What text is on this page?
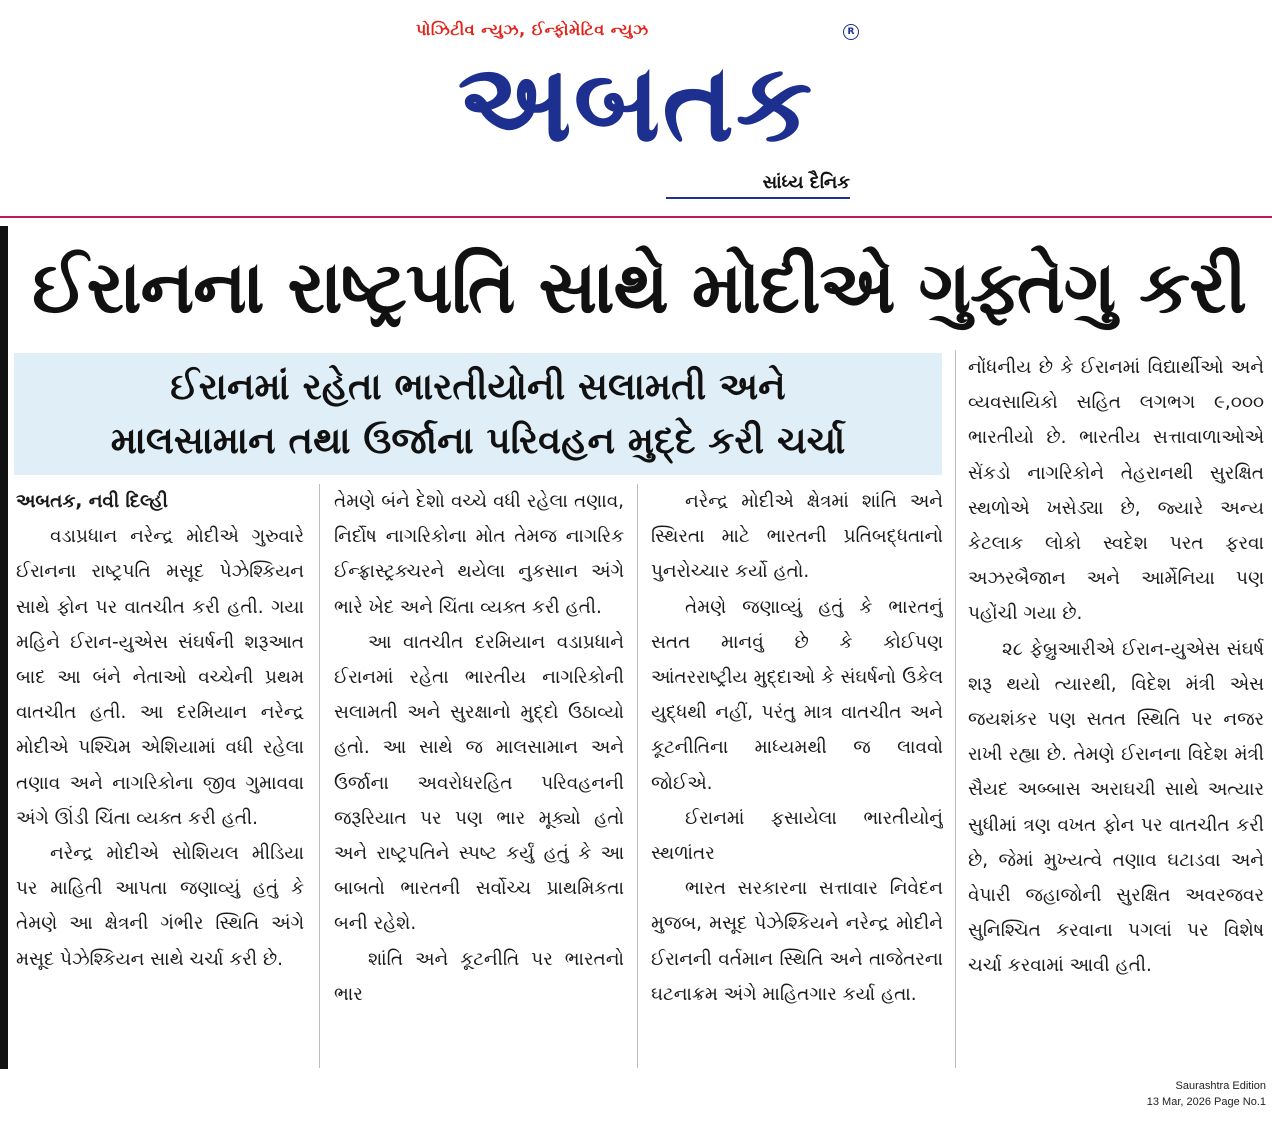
પોઝિટીવ ન્યુઝ, ઈન્ફોમેટિવ ન્યુઝ	R
અબતક
સાંધ્ય દૈનિક
ઈરાનના રાષ્ટ્રપતિ સાથે મોદીએ ગુફ્તેગુ કરી
ઈરાનમાં રહેતા ભારતીયોની સલામતી અને
માલસામાન તથા ઉર્જાના પરિવહન મુદ્દે કરી ચર્ચા

અબતક, નવી દિલ્હી

વડાપ્રધાન નરેન્દ્ર મોદીએ ગુરુવારે ઈરાનના રાષ્ટ્રપતિ મસૂદ પેઝેશ્કિયન સાથે ફોન પર વાતચીત કરી હતી. ગયા મહિને ઈરાન-યુએસ સંઘર્ષની શરૂઆત બાદ આ બંને નેતાઓ વચ્ચેની પ્રથમ વાતચીત હતી. આ દરમિયાન નરેન્દ્ર મોદીએ પશ્ચિમ એશિયામાં વધી રહેલા તણાવ અને નાગરિકોના જીવ ગુમાવવા અંગે ઊંડી ચિંતા વ્યક્ત કરી હતી.

નરેન્દ્ર મોદીએ સોશિયલ મીડિયા પર માહિતી આપતા જણાવ્યું હતું કે તેમણે આ ક્ષેત્રની ગંભીર સ્થિતિ અંગે મસૂદ પેઝેશ્કિયન સાથે ચર્ચા કરી છે.

તેમણે બંને દેશો વચ્ચે વધી રહેલા તણાવ, નિર્દોષ નાગરિકોના મોત તેમજ નાગરિક ઈન્ફ્રાસ્ટ્રક્ચરને થયેલા નુકસાન અંગે ભારે ખેદ અને ચિંતા વ્યક્ત કરી હતી.

આ વાતચીત દરમિયાન વડાપ્રધાને ઈરાનમાં રહેતા ભારતીય નાગરિકોની સલામતી અને સુરક્ષાનો મુદ્દો ઉઠાવ્યો હતો. આ સાથે જ માલસામાન અને ઉર્જાના અવરોધરહિત પરિવહનની જરૂરિયાત પર પણ ભાર મૂક્યો હતો અને રાષ્ટ્રપતિને સ્પષ્ટ કર્યું હતું કે આ બાબતો ભારતની સર્વોચ્ચ પ્રાથમિકતા બની રહેશે.

શાંતિ અને કૂટનીતિ પર ભારતનો ભાર

નરેન્દ્ર મોદીએ ક્ષેત્રમાં શાંતિ અને સ્થિરતા માટે ભારતની પ્રતિબદ્ધતાનો પુનરોચ્ચાર કર્યો હતો.

તેમણે જણાવ્યું હતું કે ભારતનું સતત માનવું છે કે કોઈપણ આંતરરાષ્ટ્રીય મુદ્દાઓ કે સંઘર્ષનો ઉકેલ યુદ્ધથી નહીં, પરંતુ માત્ર વાતચીત અને કૂટનીતિના માધ્યમથી જ લાવવો જોઈએ.

ઈરાનમાં ફસાયેલા ભારતીયોનું સ્થળાંતર

ભારત સરકારના સત્તાવાર નિવેદન મુજબ, મસૂદ પેઝેશ્કિયને નરેન્દ્ર મોદીને ઈરાનની વર્તમાન સ્થિતિ અને તાજેતરના ઘટનાક્રમ અંગે માહિતગાર કર્યા હતા.

નોંધનીય છે કે ઈરાનમાં વિદ્યાર્થીઓ અને વ્યવસાયિકો સહિત લગભગ ૯,૦૦૦ ભારતીયો છે. ભારતીય સત્તાવાળાઓએ સેંકડો નાગરિકોને તેહરાનથી સુરક્ષિત સ્થળોએ ખસેડ્યા છે, જ્યારે અન્ય કેટલાક લોકો સ્વદેશ પરત ફરવા અઝરબૈજાન અને આર્મેનિયા પણ પહોંચી ગયા છે.

૨૮ ફેબ્રુઆરીએ ઈરાન-યુએસ સંઘર્ષ શરૂ થયો ત્યારથી, વિદેશ મંત્રી એસ જયશંકર પણ સતત સ્થિતિ પર નજર રાખી રહ્યા છે. તેમણે ઈરાનના વિદેશ મંત્રી સૈયદ અબ્બાસ અરાઘચી સાથે અત્યાર સુધીમાં ત્રણ વખત ફોન પર વાતચીત કરી છે, જેમાં મુખ્યત્વે તણાવ ઘટાડવા અને વેપારી જહાજોની સુરક્ષિત અવરજવર સુનિશ્ચિત કરવાના પગલાં પર વિશેષ ચર્ચા કરવામાં આવી હતી.

Saurashtra Edition
13 Mar, 2026 Page No.1
